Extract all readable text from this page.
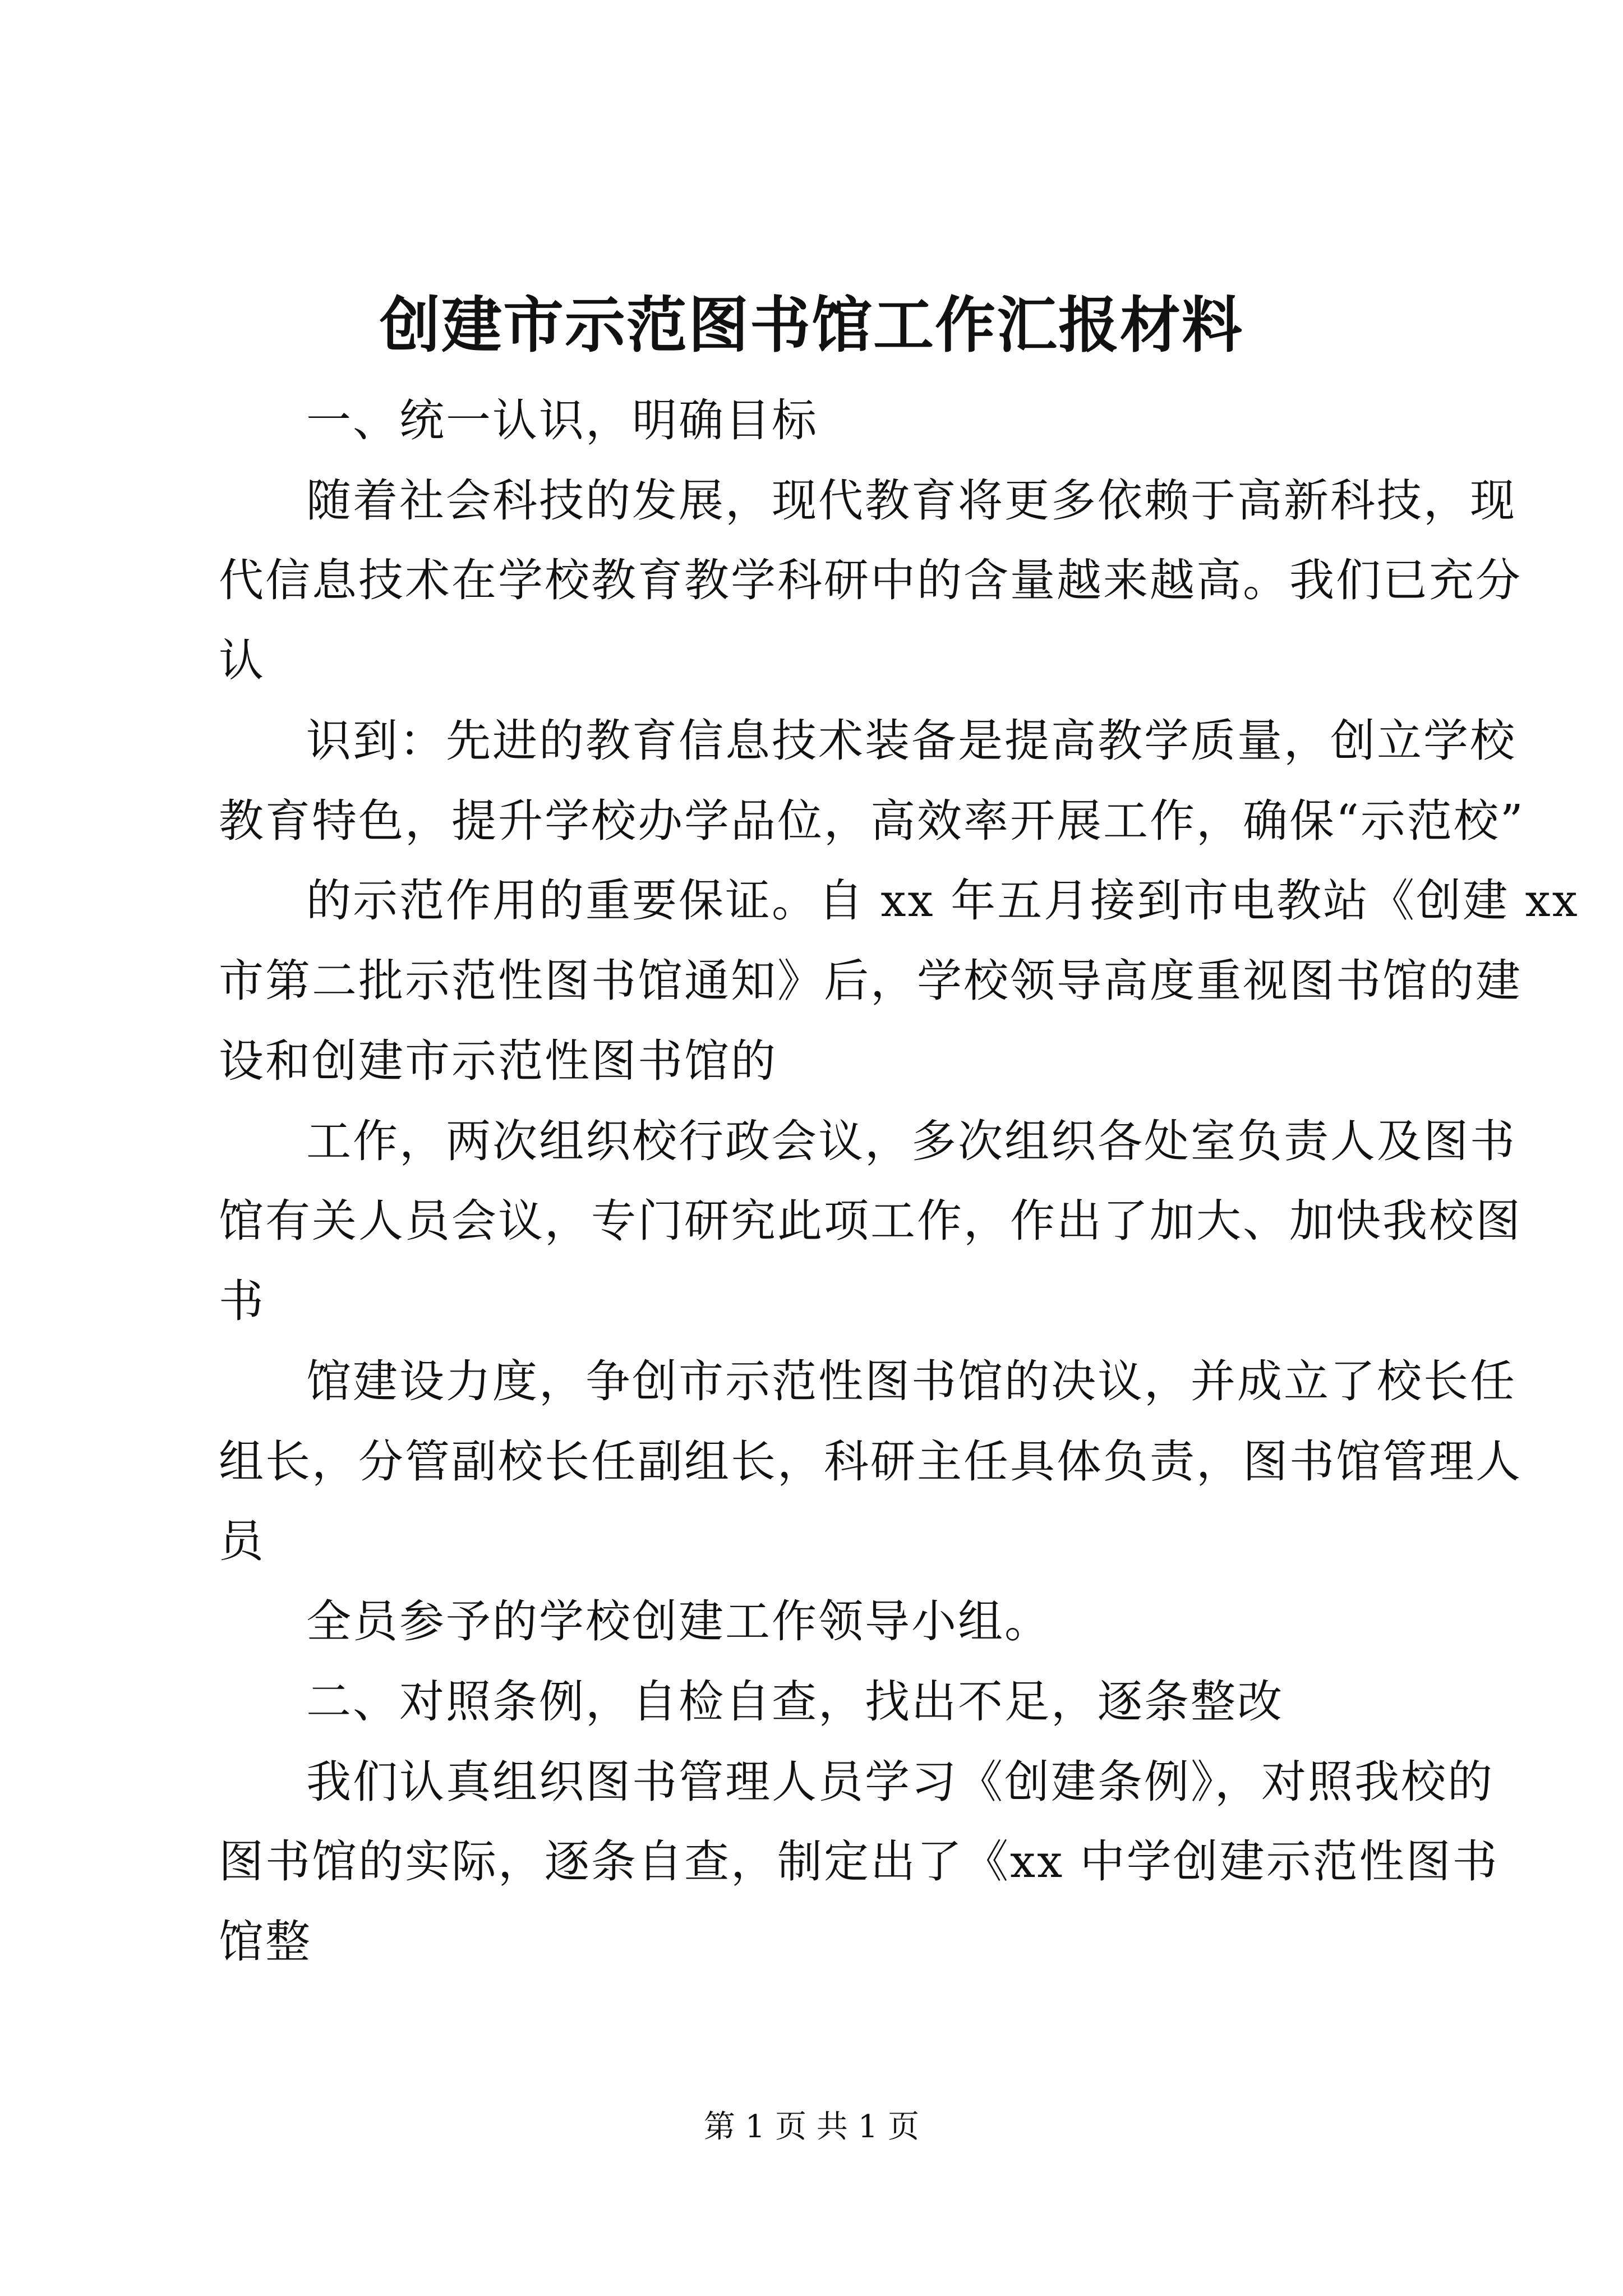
创建市示范图书馆工作汇报材料
一、统一认识，明确目标
随着社会科技的发展，现代教育将更多依赖于高新科技，现
代信息技术在学校教育教学科研中的含量越来越高。我们已充分
认
识到：先进的教育信息技术装备是提高教学质量，创立学校
教育特色，提升学校办学品位，高效率开展工作，确保“示范校”
的示范作用的重要保证。自 xx 年五月接到市电教站《创建 xx
市第二批示范性图书馆通知》后，学校领导高度重视图书馆的建
设和创建市示范性图书馆的
工作，两次组织校行政会议，多次组织各处室负责人及图书
馆有关人员会议，专门研究此项工作，作出了加大、加快我校图
书
馆建设力度，争创市示范性图书馆的决议，并成立了校长任
组长，分管副校长任副组长，科研主任具体负责，图书馆管理人
员
全员参予的学校创建工作领导小组。
二、对照条例，自检自查，找出不足，逐条整改
我们认真组织图书管理人员学习《创建条例》，对照我校的
图书馆的实际，逐条自查，制定出了《xx 中学创建示范性图书
馆整
第 1 页 共 1 页
